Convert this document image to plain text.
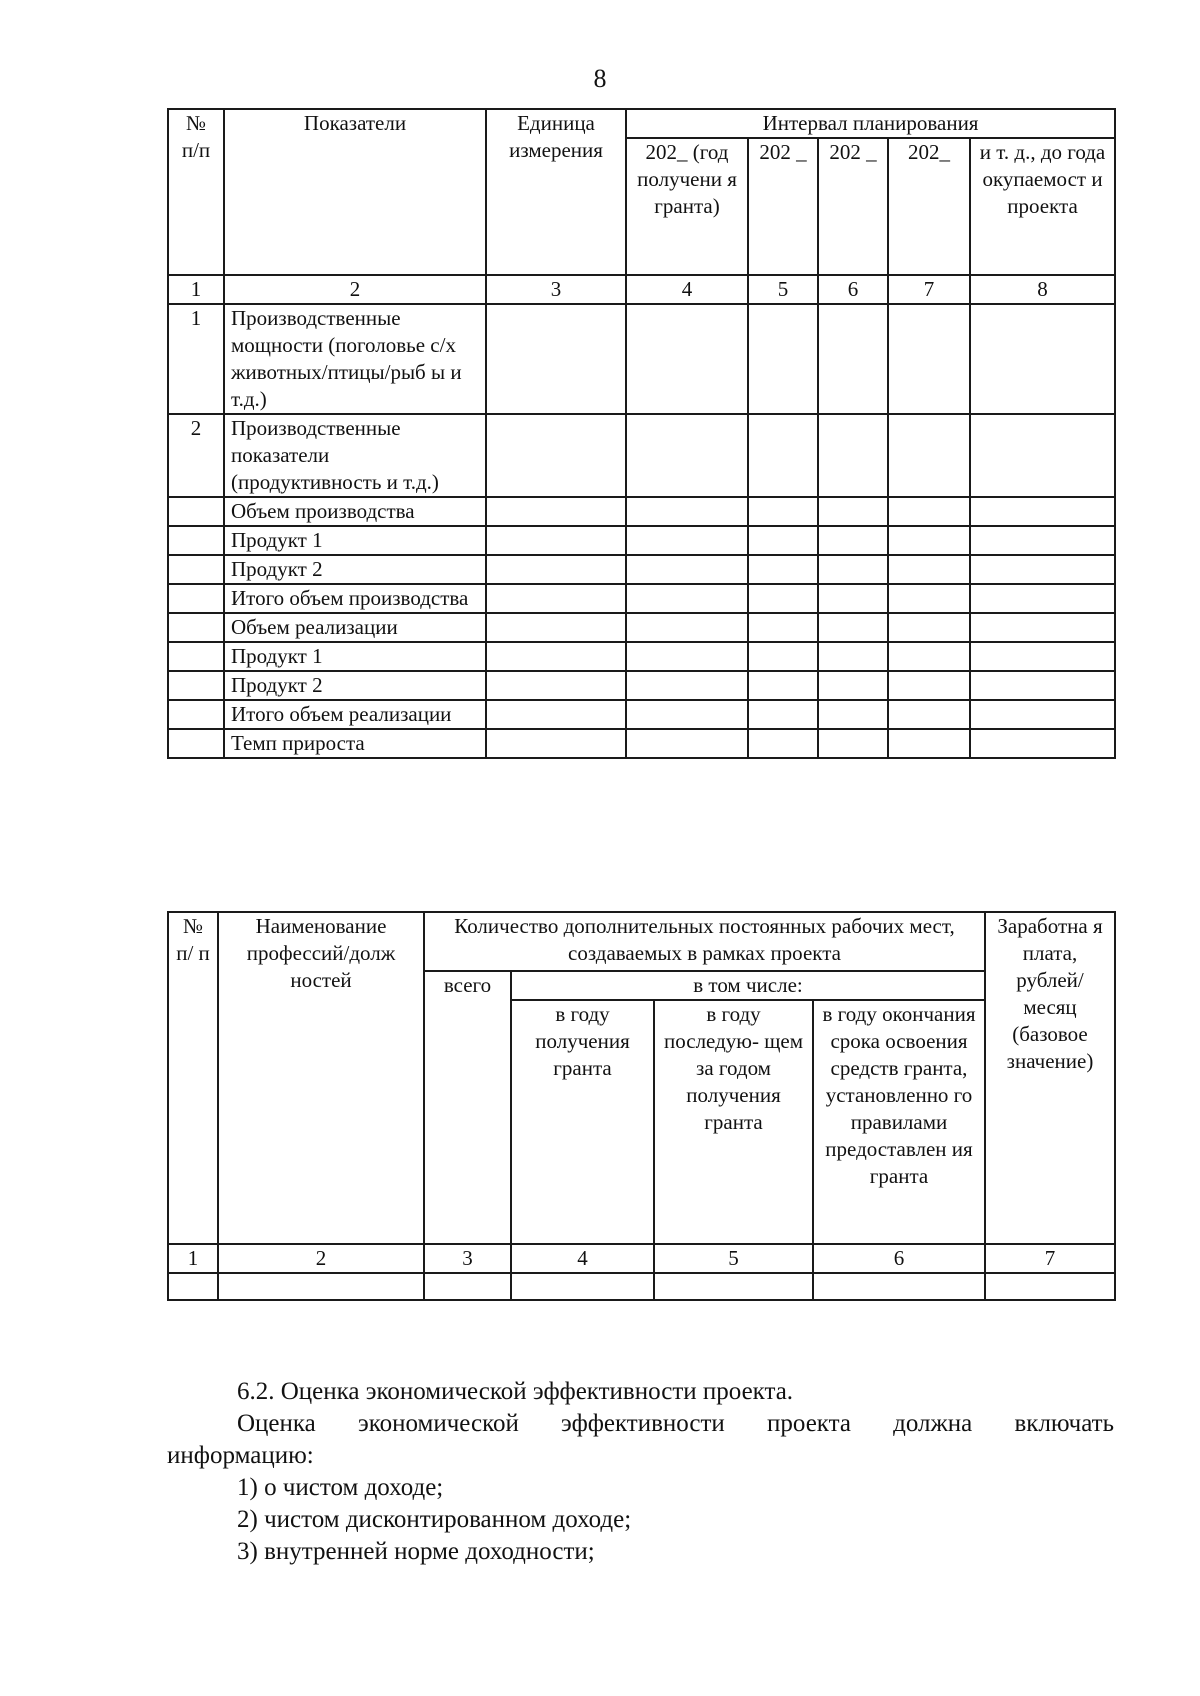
8
№ п/п	Показатели	Единица измерения	Интервал планирования				
			202_ (год получени я гранта)	202 _	202 _	202_	и т. д., до года окупаемост и проекта
1	2	3	4	5	6	7	8
1	Производственные мощности (поголовье с/х животных/птицы/рыб ы и т.д.)						
2	Производственные показатели (продуктивность и т.д.)						
	Объем производства						
	Продукт 1						
	Продукт 2						
	Итого объем производства						
	Объем реализации						
	Продукт 1						
	Продукт 2						
	Итого объем реализации						
	Темп прироста						
№ п/ п	Наименование профессий/долж ностей	Количество дополнительных постоянных рабочих мест, создаваемых в рамках проекта				Заработна я плата, рублей/ месяц (базовое значение)
		всего	в том числе:			
			в году получения гранта	в году последую- щем за годом получения гранта	в году окончания срока освоения средств гранта, установленно го правилами предоставлен ия гранта	
1	2	3	4	5	6	7

6.2. Оценка экономической эффективности проекта.

Оценка экономической эффективности проекта должна включать

информацию:

1) о чистом доходе;

2) чистом дисконтированном доходе;

3) внутренней норме доходности;
